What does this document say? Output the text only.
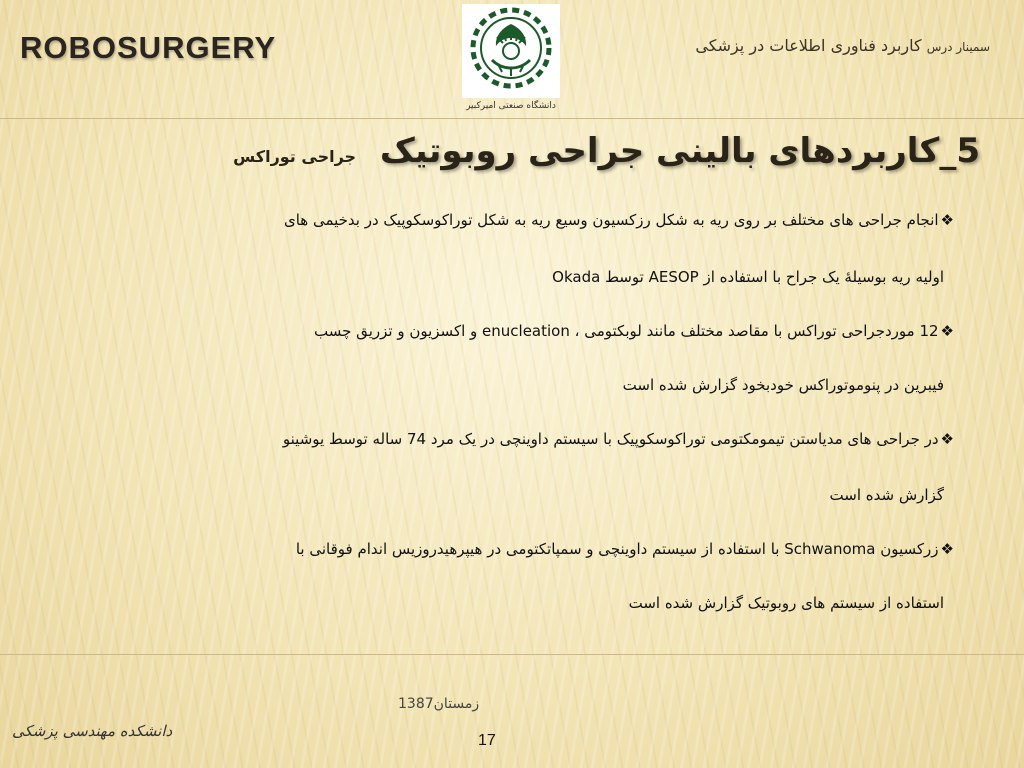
ROBOSURGERY	سمینار درس کاربرد فناوری اطلاعات در پزشکی
دانشگاه صنعتی امیرکبیر
5_کاربردهای بالینی جراحی روبوتیک جراحی توراکس
❖انجام جراحی های مختلف بر روی ریه به شکل رزکسیون وسیع ریه به شکل توراکوسکوپیک در بدخیمی های
اولیه ریه بوسیلۀ یک جراح با استفاده از AESOP توسط Okada
❖12 موردجراحی توراکس با مقاصد مختلف مانند لوبکتومی ، enucleation و اکسزیون و تزریق چسب
فیبرین در پنوموتوراکس خودبخود گزارش شده است
❖در جراحی های مدیاستن تیمومکتومی توراکوسکوپیک با سیستم داوینچی در یک مرد 74 ساله توسط یوشینو
گزارش شده است
❖زرکسیون Schwanoma با استفاده از سیستم داوینچی و سمپاتکتومی در هیپرهیدروزیس اندام فوقانی با
استفاده از سیستم های روبوتیک گزارش شده است
زمستان1387
دانشکده مهندسی پزشکی
17
